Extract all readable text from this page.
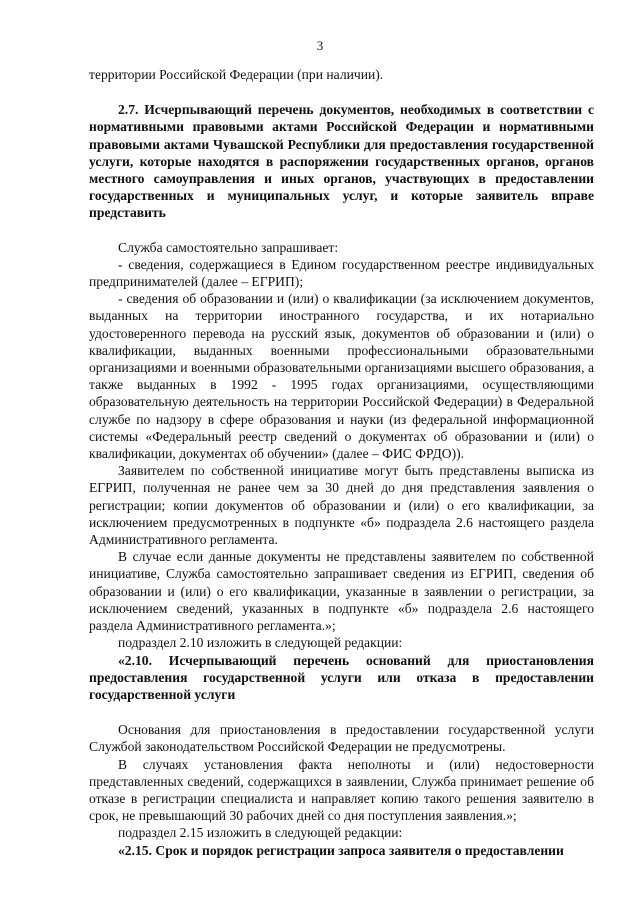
3

территории Российской Федерации (при наличии).

2.7. Исчерпывающий перечень документов, необходимых в соответствии с нормативными правовыми актами Российской Федерации и нормативными правовыми актами Чувашской Республики для предоставления государственной услуги, которые находятся в распоряжении государственных органов, органов местного самоуправления и иных органов, участвующих в предоставлении государственных и муниципальных услуг, и которые заявитель вправе представить

Служба самостоятельно запрашивает:

- сведения, содержащиеся в Едином государственном реестре индивидуальных предпринимателей (далее – ЕГРИП);

- сведения об образовании и (или) о квалификации (за исключением документов, выданных на территории иностранного государства, и их нотариально удостоверенного перевода на русский язык, документов об образовании и (или) о квалификации, выданных военными профессиональными образовательными организациями и военными образовательными организациями высшего образования, а также выданных в 1992 - 1995 годах организациями, осуществляющими образовательную деятельность на территории Российской Федерации) в Федеральной службе по надзору в сфере образования и науки (из федеральной информационной системы «Федеральный реестр сведений о документах об образовании и (или) о квалификации, документах об обучении» (далее – ФИС ФРДО)).

Заявителем по собственной инициативе могут быть представлены выписка из ЕГРИП, полученная не ранее чем за 30 дней до дня представления заявления о регистрации; копии документов об образовании и (или) о его квалификации, за исключением предусмотренных в подпункте «б» подраздела 2.6 настоящего раздела Административного регламента.

В случае если данные документы не представлены заявителем по собственной инициативе, Служба самостоятельно запрашивает сведения из ЕГРИП, сведения об образовании и (или) о его квалификации, указанные в заявлении о регистрации, за исключением сведений, указанных в подпункте «б» подраздела 2.6 настоящего раздела Административного регламента.»;

подраздел 2.10 изложить в следующей редакции:

«2.10. Исчерпывающий перечень оснований для приостановления предоставления государственной услуги или отказа в предоставлении государственной услуги

Основания для приостановления в предоставлении государственной услуги Службой законодательством Российской Федерации не предусмотрены.

В случаях установления факта неполноты и (или) недостоверности представленных сведений, содержащихся в заявлении, Служба принимает решение об отказе в регистрации специалиста и направляет копию такого решения заявителю в срок, не превышающий 30 рабочих дней со дня поступления заявления.»;

подраздел 2.15 изложить в следующей редакции:

«2.15. Срок и порядок регистрации запроса заявителя о предоставлении
